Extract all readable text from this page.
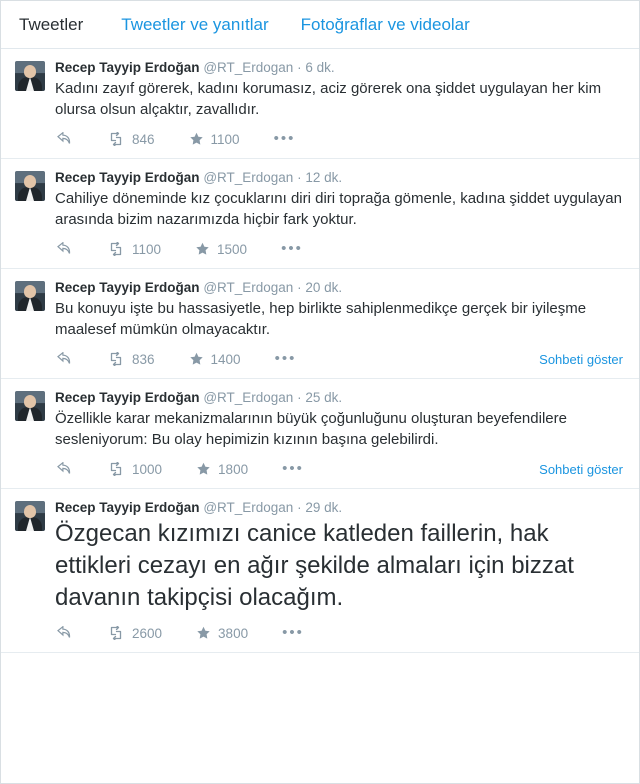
Tweetler	Tweetler ve yanıtlar	Fotoğraflar ve videolar
Recep Tayyip Erdoğan @RT_Erdogan · 6 dk.
Kadını zayıf görerek, kadını korumasız, aciz görerek ona şiddet uygulayan her kim olursa olsun alçaktır, zavallıdır.
846	1100 •••
Recep Tayyip Erdoğan @RT_Erdogan · 12 dk.
Cahiliye döneminde kız çocuklarını diri diri toprağa gömenle, kadına şiddet uygulayan arasında bizim nazarımızda hiçbir fark yoktur.
1100	1500 •••
Recep Tayyip Erdoğan @RT_Erdogan · 20 dk.
Bu konuyu işte bu hassasiyetle, hep birlikte sahiplenmedikçe gerçek bir iyileşme maalesef mümkün olmayacaktır.
836	1400 •••	Sohbeti göster
Recep Tayyip Erdoğan @RT_Erdogan · 25 dk.
Özellikle karar mekanizmalarının büyük çoğunluğunu oluşturan beyefendilere sesleniyorum: Bu olay hepimizin kızının başına gelebilirdi.
1000	1800 •••	Sohbeti göster
Recep Tayyip Erdoğan @RT_Erdogan · 29 dk.
Özgecan kızımızı canice katleden faillerin, hak ettikleri cezayı en ağır şekilde almaları için bizzat davanın takipçisi olacağım.
2600	3800 •••
